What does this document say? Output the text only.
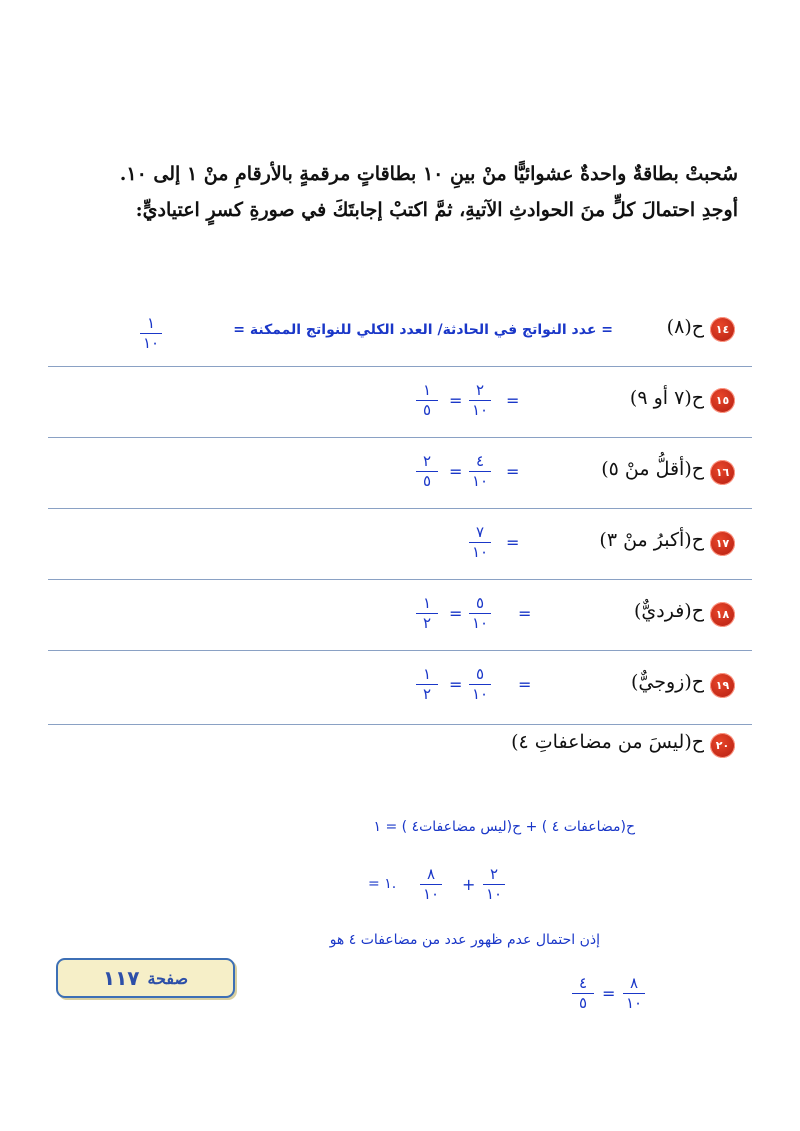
سُحبتْ بطاقةٌ واحدةٌ عشوائيًّا منْ بينِ ١٠ بطاقاتٍ مرقمةٍ بالأرقامِ منْ ١ إلى ١٠.
أوجدِ احتمالَ كلٍّ منَ الحوادثِ الآتيةِ، ثمَّ اكتبْ إجابتَكَ في صورةِ كسرٍ اعتياديٍّ:
١٤
ح(٨)
= عدد النواتج في الحادثة/ العدد الكلي للنواتج الممكنة =
١
١٠
١٥
ح(٧ أو ٩)
=
٢
١٠
=
١
٥
١٦
ح(أقلُّ منْ ٥)
=
٤
١٠
=
٢
٥
١٧
ح(أكبرُ منْ ٣)
=
٧
١٠
١٨
ح(فرديٌّ)
=
٥
١٠
=
١
٢
١٩
ح(زوجيٌّ)
=
٥
١٠
=
١
٢
٢٠
ح(ليسَ من مضاعفاتِ ٤)
ح(مضاعفات ٤ ) + ح(ليس مضاعفات٤ ) = ١
٢
١٠
+
٨
١٠
= ١.
إذن احتمال عدم ظهور عدد من مضاعفات ٤ هو
٨
١٠
=
٤
٥
صفحة
١١٧
